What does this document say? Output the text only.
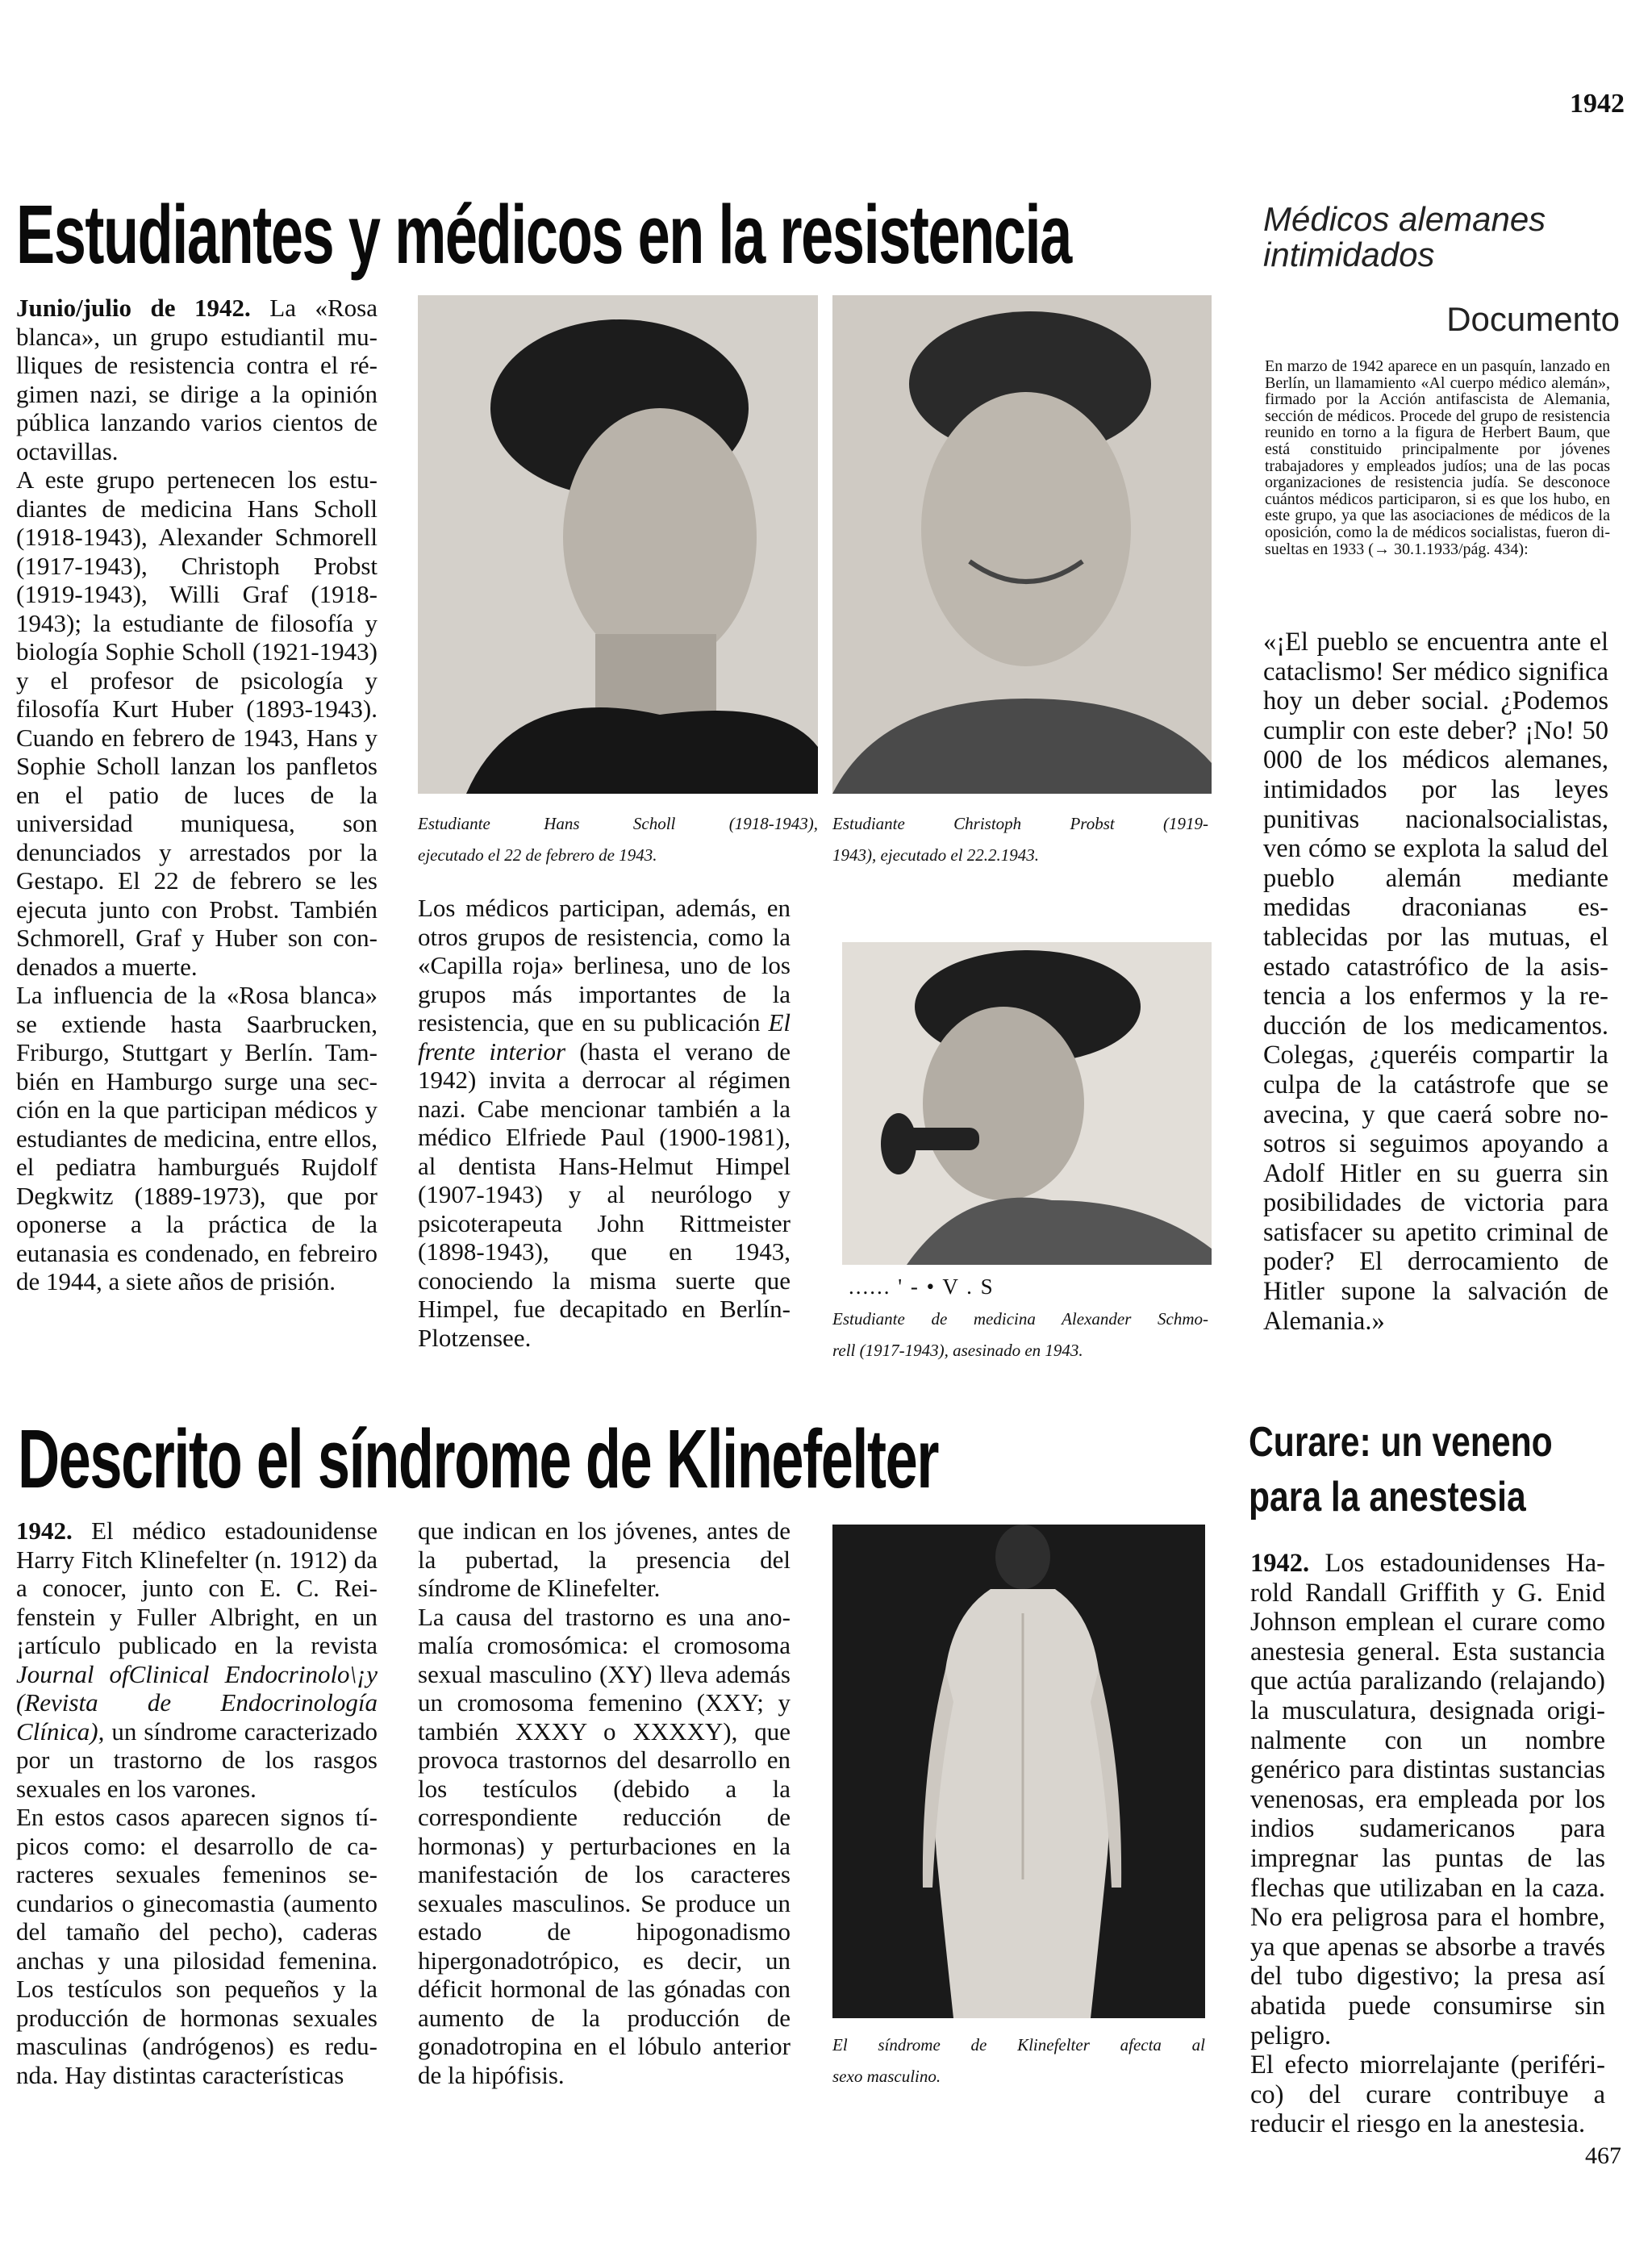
1942
Estudiantes y médicos en la resistencia

Junio/julio de 1942. La «Rosa blanca», un grupo estudiantil mulliques de resistencia contra el régimen nazi, se dirige a la opinión pública lanzando varios cientos de octavillas.

A este grupo pertenecen los estudiantes de medicina Hans Scholl (1918-1943), Alexander Schmorell (1917-1943), Christoph Probst (1919-1943), Willi Graf (1918-1943); la estudiante de filosofía y biología Sophie Scholl (1921-1943) y el profesor de psicología y filosofía Kurt Huber (1893-1943). Cuando en febrero de 1943, Hans y Sophie Scholl lanzan los panfletos en el patio de luces de la universidad muniquesa, son denunciados y arrestados por la Gestapo. El 22 de febrero se les ejecuta junto con Probst. También Schmorell, Graf y Huber son condenados a muerte.

La influencia de la «Rosa blanca» se extiende hasta Saarbrucken, Friburgo, Stuttgart y Berlín. También en Hamburgo surge una sección en la que participan médicos y estudiantes de medicina, entre ellos, el pediatra hamburgués Rujdolf Degkwitz (1889-1973), que por oponerse a la práctica de la eutanasia es condenado, en febreiro de 1944, a siete años de prisión.

Estudiante Hans Scholl (1918-1943),
ejecutado el 22 de febrero de 1943.
Estudiante Christoph Probst (1919-
1943), ejecutado el 22.2.1943.

Los médicos participan, además, en otros grupos de resistencia, como la «Capilla roja» berlinesa, uno de los grupos más importantes de la resistencia, que en su publicación El frente interior (hasta el verano de 1942) invita a derrocar al régimen nazi. Cabe mencionar también a la médico Elfriede Paul (1900-1981), al dentista Hans-Helmut Himpel (1907-1943) y al neurólogo y psicoterapeuta John Rittmeister (1898-1943), que en 1943, conociendo la misma suerte que Himpel, fue decapitado en Berlín-Plotzensee.

...... ' - • V . S
Estudiante de medicina Alexander Schmo-
rell (1917-1943), asesinado en 1943.
Médicos alemanes
intimidados
Documento
En marzo de 1942 aparece en un pasquín, lanzado en Berlín, un llamamiento «Al cuerpo médico alemán», firmado por la Acción antifascista de Alemania, sección de médicos. Procede del grupo de resistencia reunido en torno a la figura de Herbert Baum, que está constituido principalmente por jóvenes trabajadores y empleados judíos; una de las pocas organizaciones de resistencia judía. Se desconoce cuántos médicos participaron, si es que los hubo, en este grupo, ya que las asociaciones de médicos de la oposición, como la de médicos socialistas, fueron disueltas en 1933 (→ 30.1.1933/pág. 434):
«¡El pueblo se encuentra ante el cataclismo! Ser médico significa hoy un deber social. ¿Podemos cumplir con este deber? ¡No! 50 000 de los médicos alemanes, intimidados por las leyes punitivas nacionalsocialistas, ven cómo se explota la salud del pueblo alemán mediante medidas draconianas establecidas por las mutuas, el estado catastrófico de la asistencia a los enfermos y la reducción de los medicamentos. Colegas, ¿queréis compartir la culpa de la catástrofe que se avecina, y que caerá sobre nosotros si seguimos apoyando a Adolf Hitler en su guerra sin posibilidades de victoria para satisfacer su apetito criminal de poder? El derrocamiento de Hitler supone la salvación de Alemania.»
Descrito el síndrome de Klinefelter

1942. El médico estadounidense Harry Fitch Klinefelter (n. 1912) da a conocer, junto con E. C. Reifenstein y Fuller Albright, en un ¡artículo publicado en la revista Journal ofClinical Endocrinolo\¡y (Revista de Endocrinología Clínica), un síndrome caracterizado por un trastorno de los rasgos sexuales en los varones.

En estos casos aparecen signos típicos como: el desarrollo de caracteres sexuales femeninos secundarios o ginecomastia (aumento del tamaño del pecho), caderas anchas y una pilosidad femenina. Los testículos son pequeños y la producción de hormonas sexuales masculinas (andrógenos) es redunda. Hay distintas características

que indican en los jóvenes, antes de la pubertad, la presencia del síndrome de Klinefelter.

La causa del trastorno es una anomalía cromosómica: el cromosoma sexual masculino (XY) lleva además un cromosoma femenino (XXY; y también XXXY o XXXXY), que provoca trastornos del desarrollo en los testículos (debido a la correspondiente reducción de hormonas) y perturbaciones en la manifestación de los caracteres sexuales masculinos. Se produce un estado de hipogonadismo hipergonadotrópico, es decir, un déficit hormonal de las gónadas con aumento de la producción de gonadotropina en el lóbulo anterior de la hipófisis.

El síndrome de Klinefelter afecta al
sexo masculino.
Curare: un veneno
para la anestesia

1942. Los estadounidenses Harold Randall Griffith y G. Enid Johnson emplean el curare como anestesia general. Esta sustancia que actúa paralizando (relajando) la musculatura, designada originalmente con un nombre genérico para distintas sustancias venenosas, era empleada por los indios sudamericanos para impregnar las puntas de las flechas que utilizaban en la caza. No era peligrosa para el hombre, ya que apenas se absorbe a través del tubo digestivo; la presa así abatida puede consumirse sin peligro.

El efecto miorrelajante (periférico) del curare contribuye a reducir el riesgo en la anestesia.

467
